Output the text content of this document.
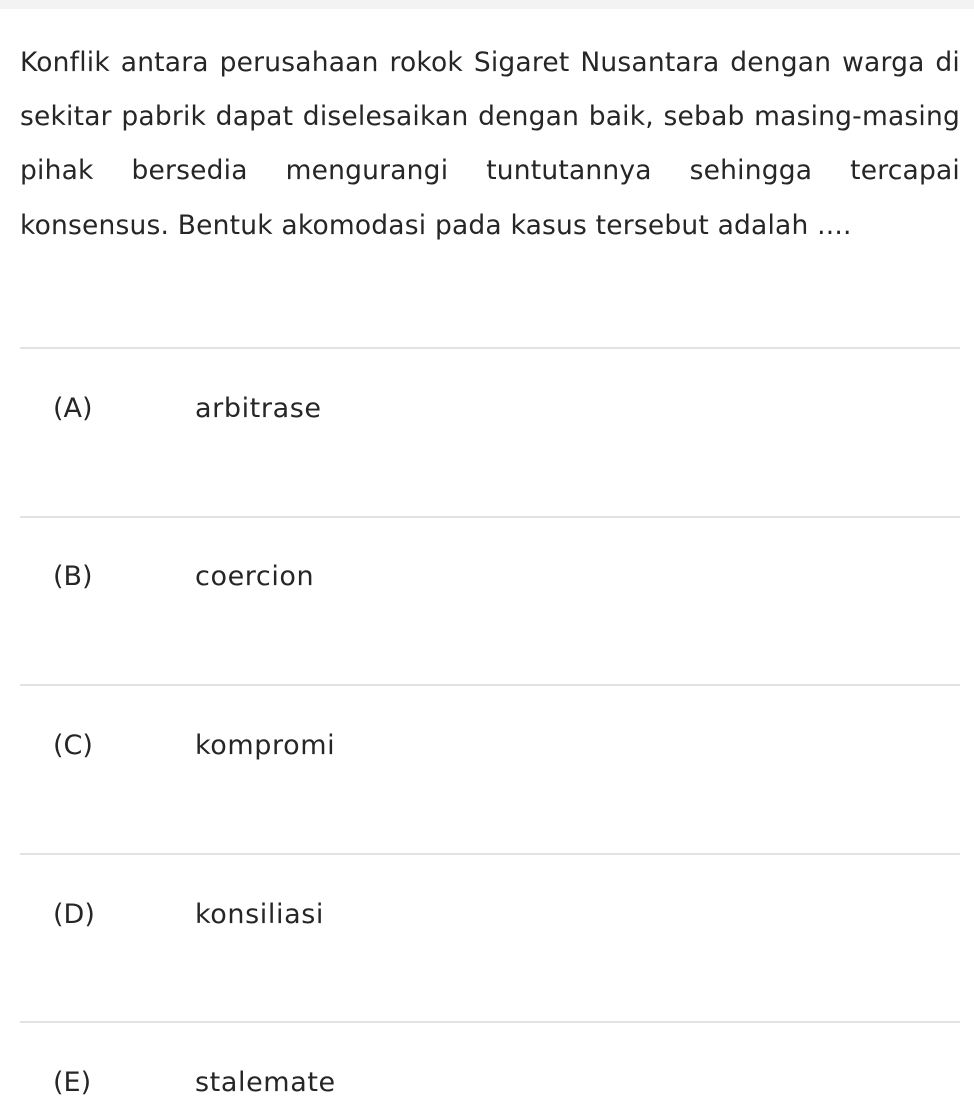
Konflik antara perusahaan rokok Sigaret Nusantara dengan warga di sekitar pabrik dapat diselesaikan dengan baik, sebab masing-masing pihak bersedia mengurangi tuntutannya sehingga tercapai konsensus. Bentuk akomodasi pada kasus tersebut adalah ....

(A)	arbitrase
(B)	coercion
(C)	kompromi
(D)	konsiliasi
(E)	stalemate
